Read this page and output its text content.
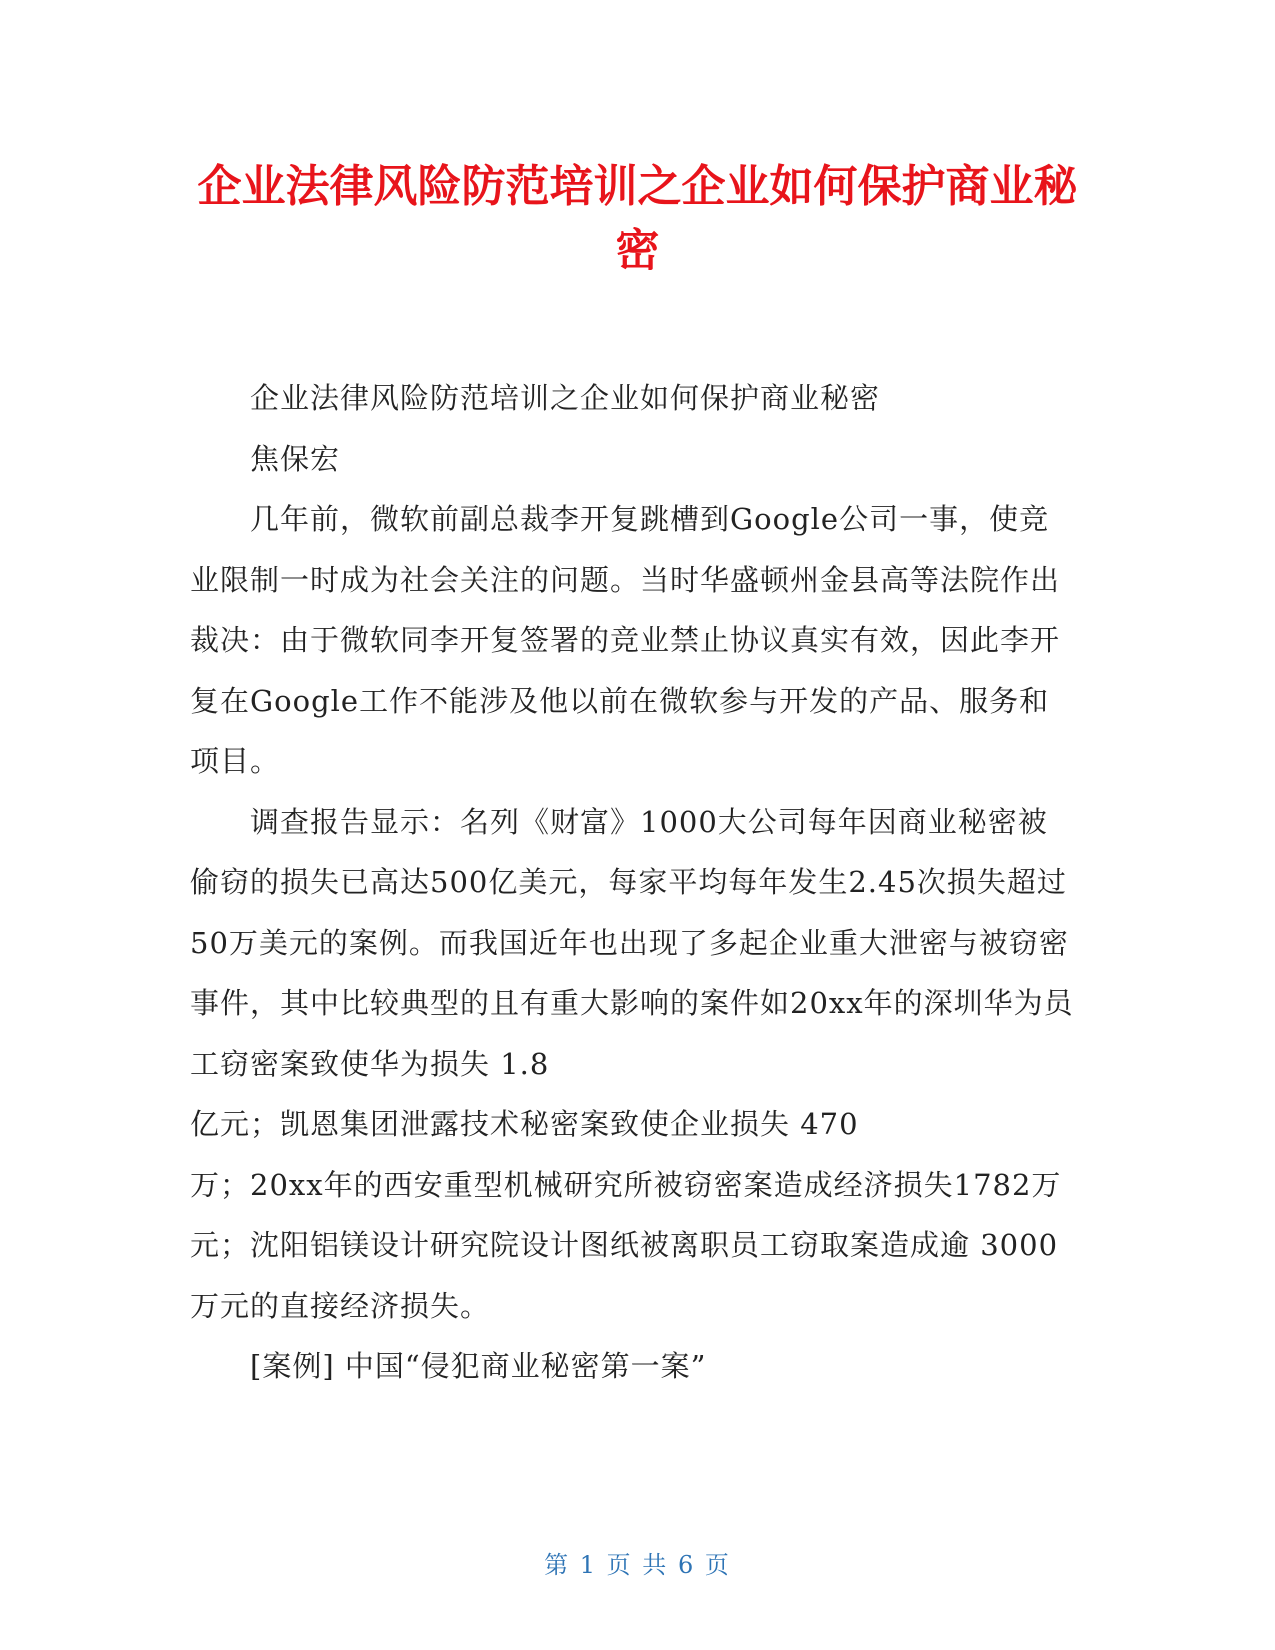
企业法律风险防范培训之企业如何保护商业秘密

企业法律风险防范培训之企业如何保护商业秘密

焦保宏

几年前，微软前副总裁李开复跳槽到Google公司一事，使竞业限制一时成为社会关注的问题。当时华盛顿州金县高等法院作出裁决：由于微软同李开复签署的竞业禁止协议真实有效，因此李开复在Google工作不能涉及他以前在微软参与开发的产品、服务和项目。

调查报告显示：名列《财富》1000大公司每年因商业秘密被偷窃的损失已高达500亿美元，每家平均每年发生2.45次损失超过50万美元的案例。而我国近年也出现了多起企业重大泄密与被窃密事件，其中比较典型的且有重大影响的案件如20xx年的深圳华为员工窃密案致使华为损失 1.8

亿元；凯恩集团泄露技术秘密案致使企业损失 470

万；20xx年的西安重型机械研究所被窃密案造成经济损失1782万元；沈阳铝镁设计研究院设计图纸被离职员工窃取案造成逾 3000万元的直接经济损失。

[案例] 中国“侵犯商业秘密第一案”

第 1 页 共 6 页
